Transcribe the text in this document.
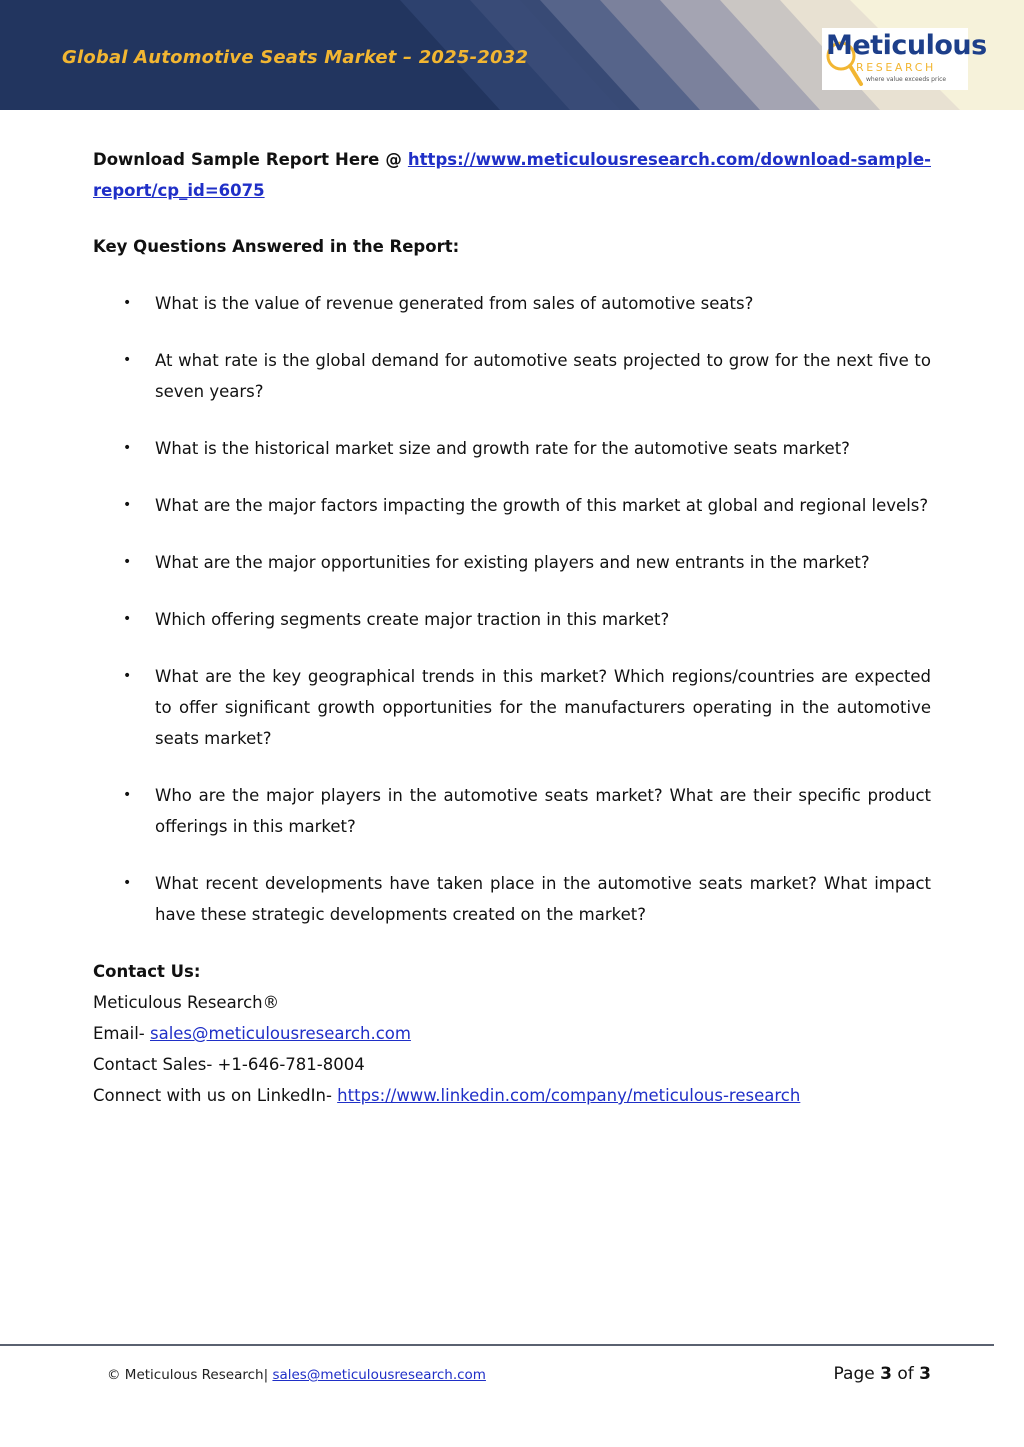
Global Automotive Seats Market – 2025-2032	Meticulous
RESEARCH
where value exceeds price

Download Sample Report Here @ https://www.meticulousresearch.com/download-sample-report/cp_id=6075

Key Questions Answered in the Report:

• What is the value of revenue generated from sales of automotive seats?
• At what rate is the global demand for automotive seats projected to grow for the next five to seven years?
• What is the historical market size and growth rate for the automotive seats market?
• What are the major factors impacting the growth of this market at global and regional levels?
• What are the major opportunities for existing players and new entrants in the market?
• Which offering segments create major traction in this market?
• What are the key geographical trends in this market? Which regions/countries are expected to offer significant growth opportunities for the manufacturers operating in the automotive seats market?
• Who are the major players in the automotive seats market? What are their specific product offerings in this market?
• What recent developments have taken place in the automotive seats market? What impact have these strategic developments created on the market?

Contact Us:

Meticulous Research®

Email- sales@meticulousresearch.com

Contact Sales- +1-646-781-8004

Connect with us on LinkedIn- https://www.linkedin.com/company/meticulous-research

© Meticulous Research| sales@meticulousresearch.com	Page 3 of 3
